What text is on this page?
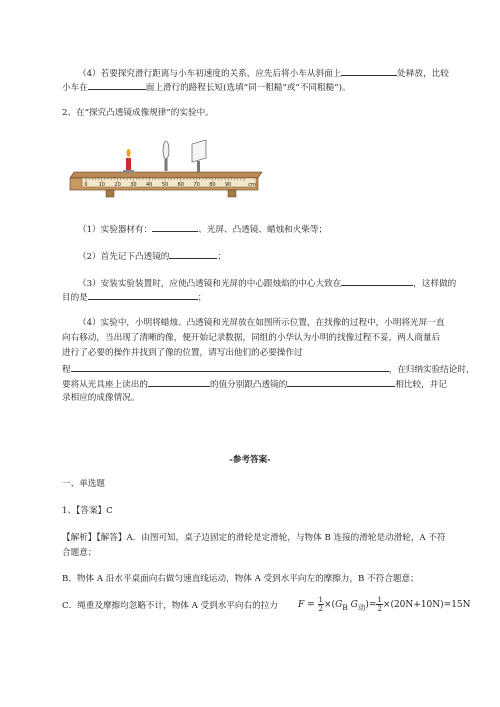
（4）若要探究滑行距离与小车初速度的关系，应先后将小车从斜面上	处释放，比较
小车在	面上滑行的路程长短(选填“同一粗糙”或“不同粗糙”)。
2、在“探究凸透镜成像规律”的实验中。
0 10 20 30 40 50 60 70 80 90	cm
（1）实验器材有：	、光屏、凸透镜、蜡烛和火柴等；
（2）首先记下凸透镜的	；
（3）安装实验装置时，应使凸透镜和光屏的中心跟烛焰的中心大致在	，这样做的
目的是	；
（4）实验中，小明将蜡烛、凸透镜和光屏放在如图所示位置，在找像的过程中，小明将光屏一直
向右移动，当出现了清晰的像，便开始记录数据，同组的小华认为小明的找像过程不妥，两人商量后
进行了必要的操作并找到了像的位置，请写出他们的必要操作过
程	，在归纳实验结论时，
要将从光具座上读出的	的值分别跟凸透镜的	相比较，并记
录相应的成像情况。
-参考答案-
一、单选题
1、【答案】C
【解析】【解答】A．由图可知，桌子边固定的滑轮是定滑轮，与物体 B 连接的滑轮是动滑轮，A 不符
合题意；
B．物体 A 沿水平桌面向右做匀速直线运动，物体 A 受到水平向左的摩擦力，B 不符合题意；
C．绳重及摩擦均忽略不计，物体 A 受到水平向右的拉力 $F = \frac{1}{2} \times(G_B$ $G_动)= \frac{1}{2} \times(20N+10N)=15N$
